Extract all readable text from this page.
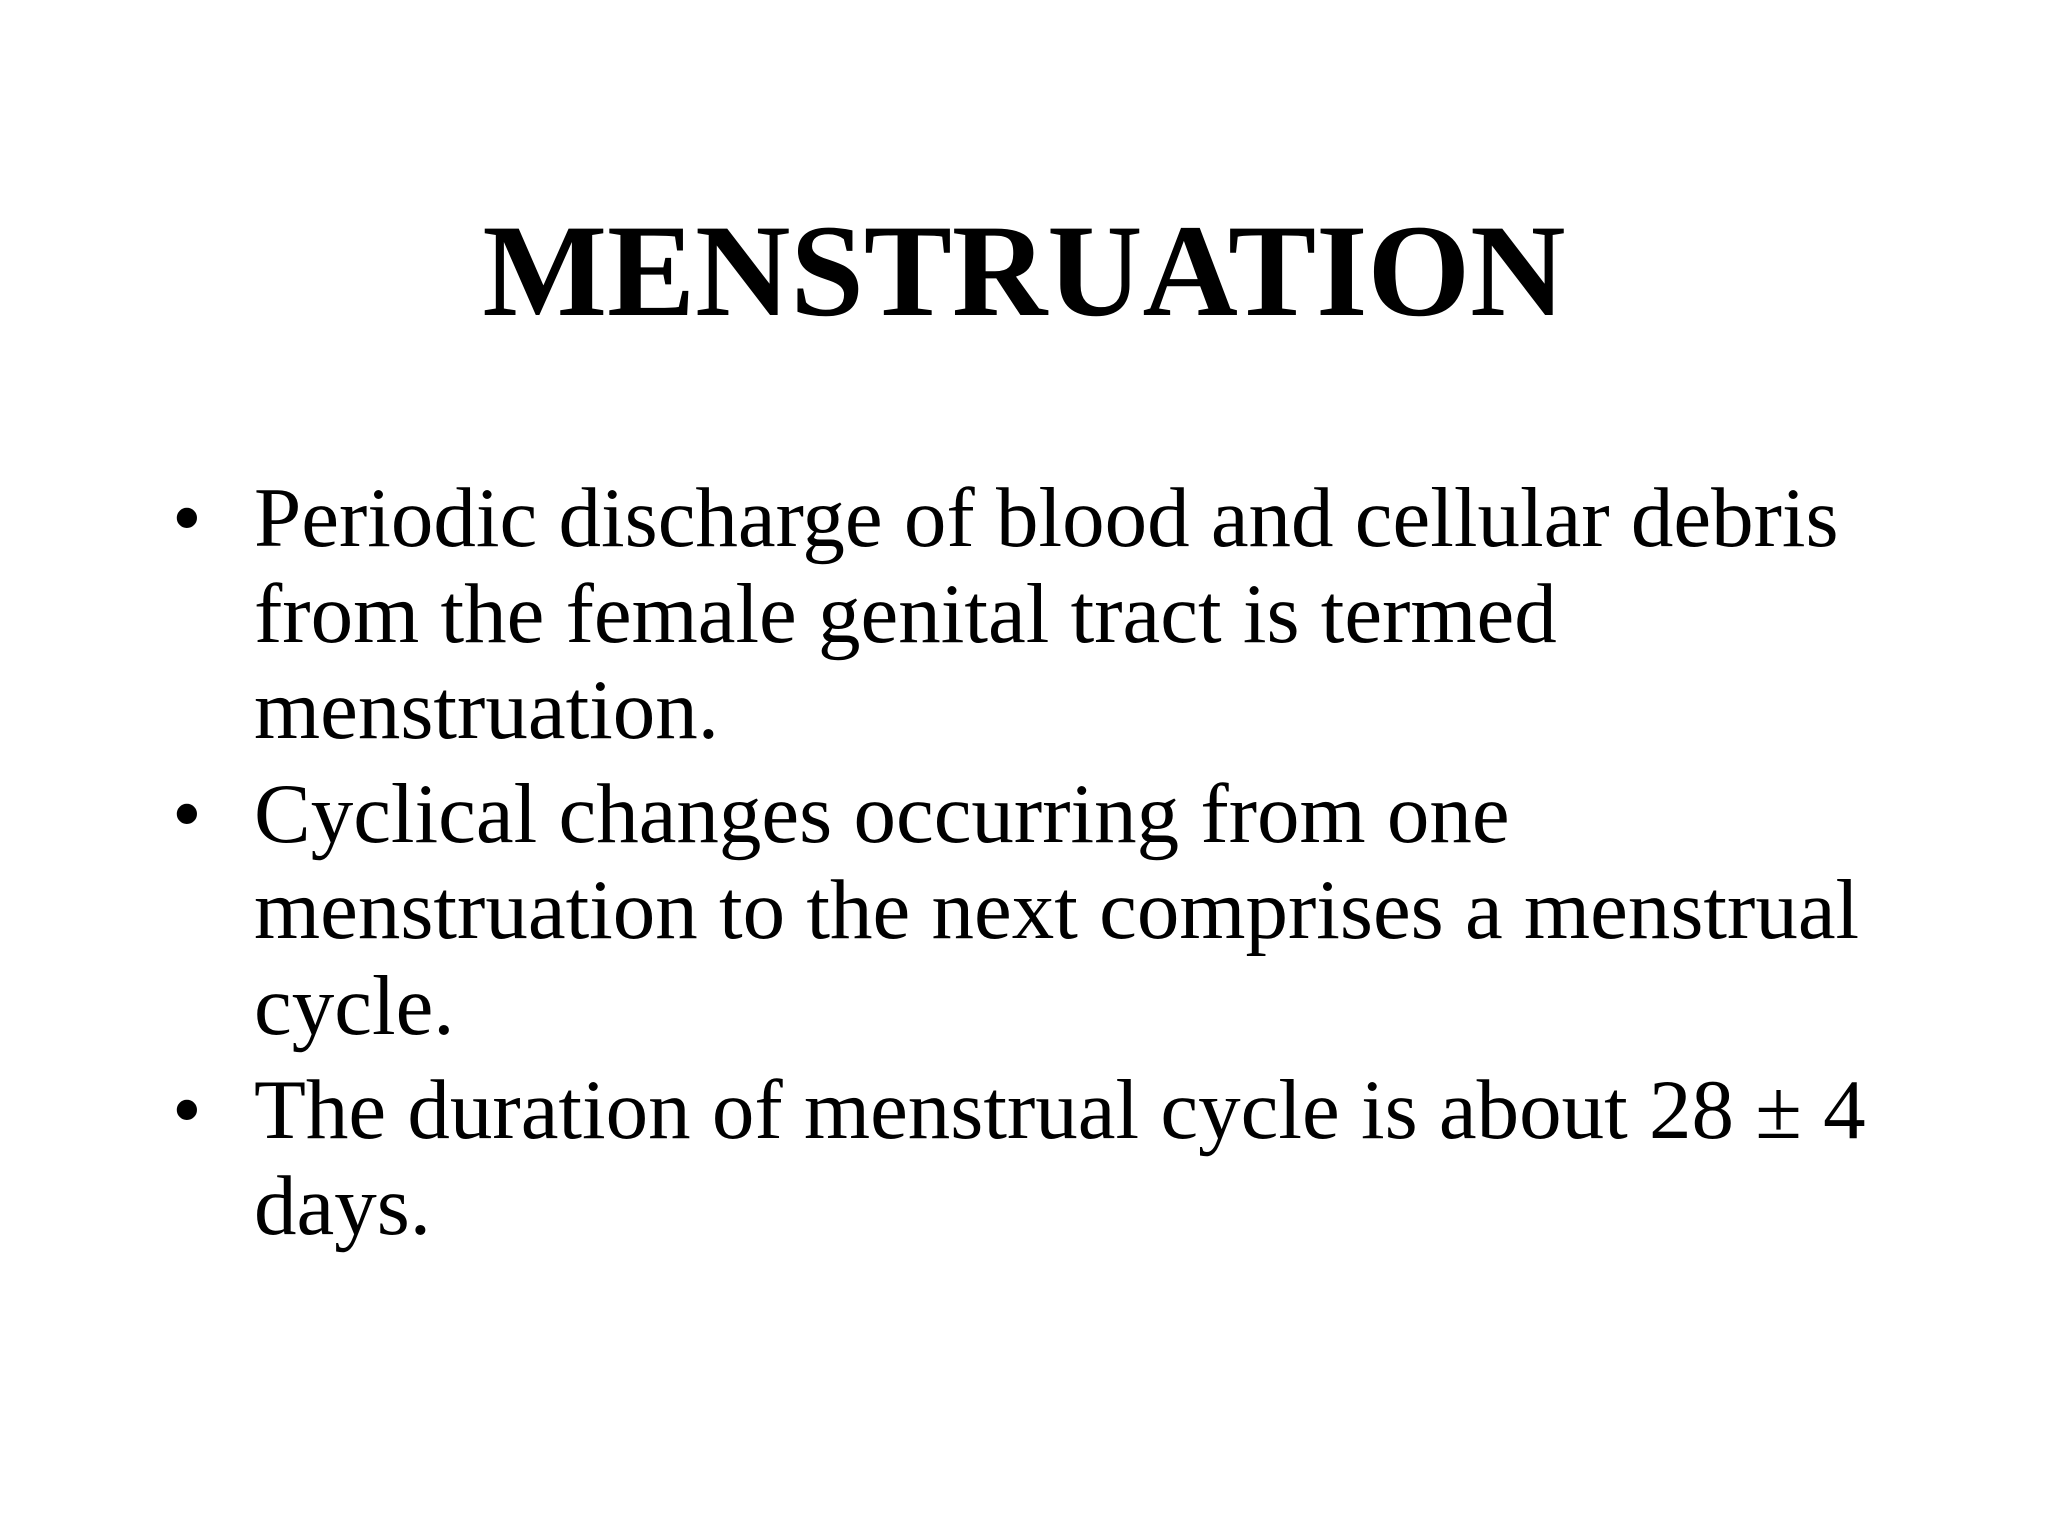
MENSTRUATION
• Periodic discharge of blood and cellular debris from the female genital tract is termed menstruation.
• Cyclical changes occurring from one menstruation to the next comprises a menstrual cycle.
• The duration of menstrual cycle is about 28 ± 4 days.
